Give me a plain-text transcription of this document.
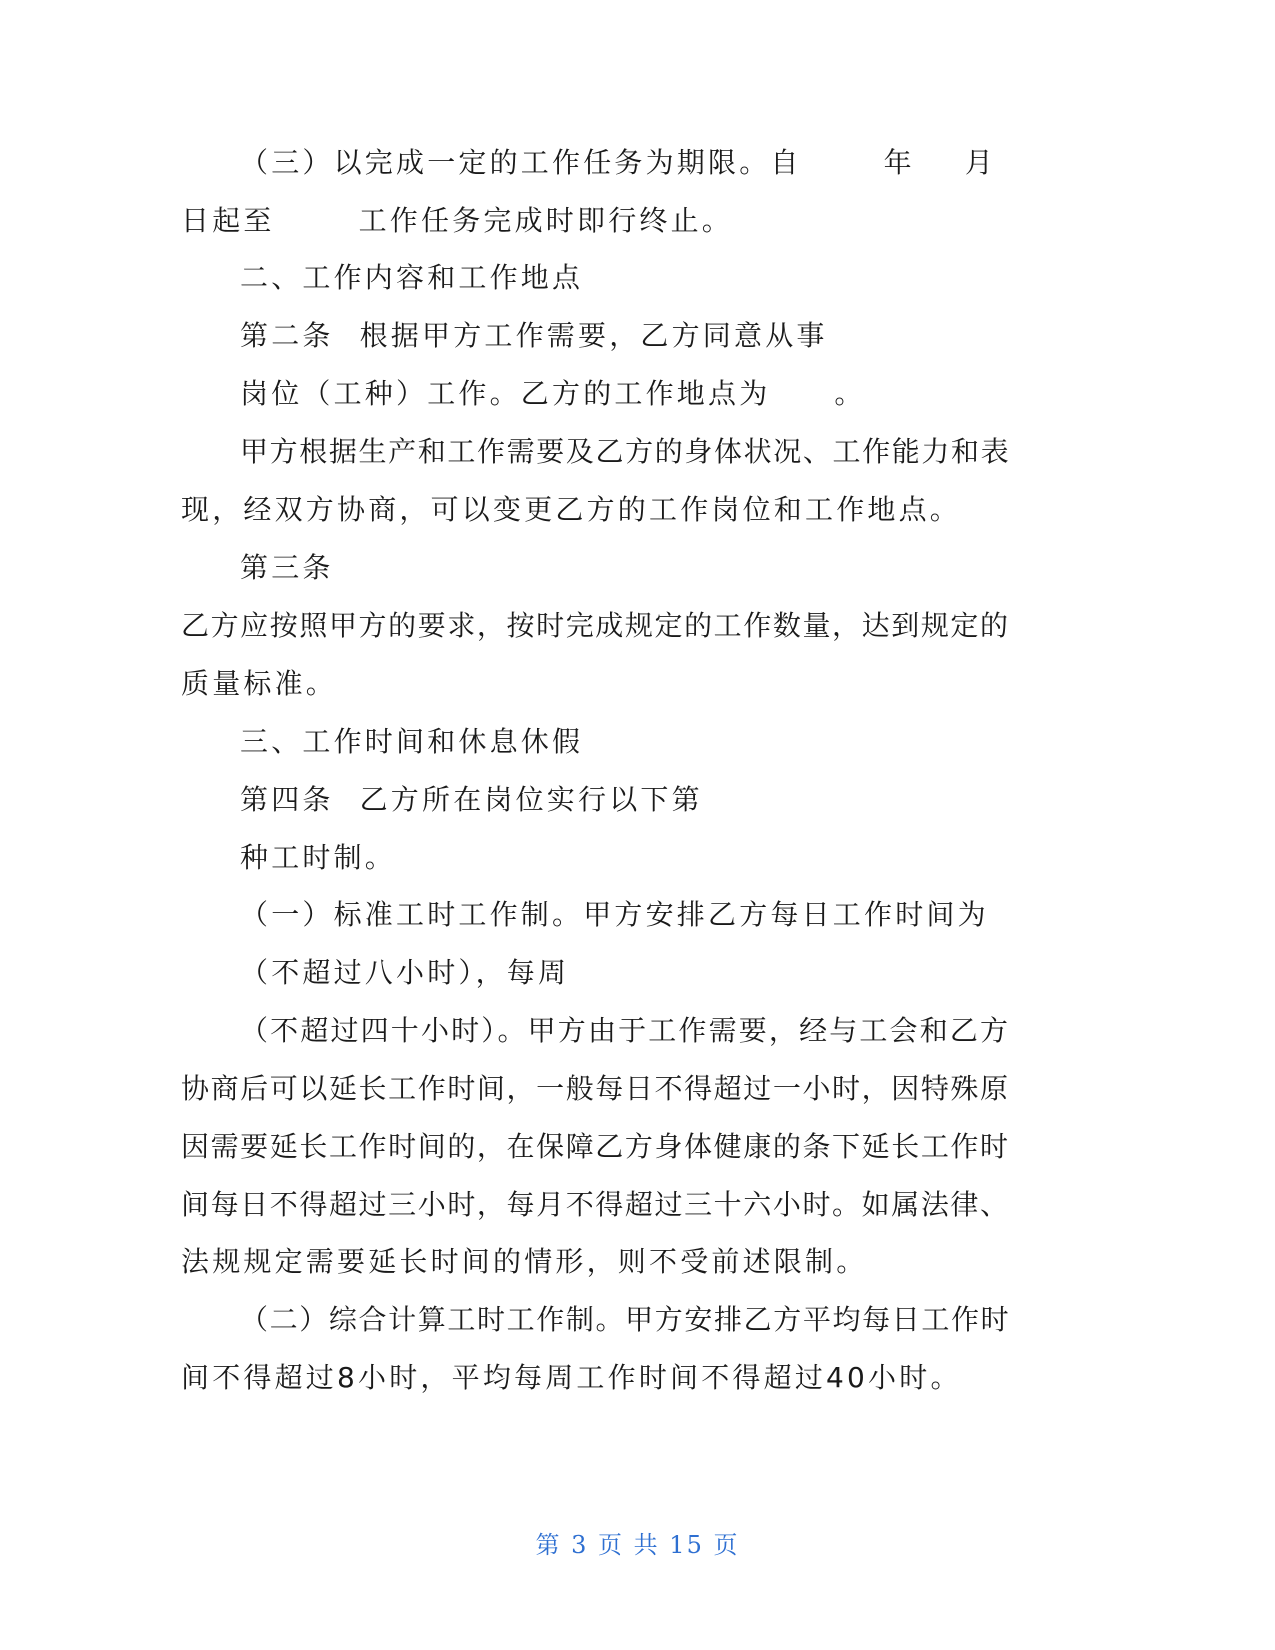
（三）以完成一定的工作任务为期限。自	年 月
日起至	工作任务完成时即行终止。
二、工作内容和工作地点
第二条 根据甲方工作需要，乙方同意从事
岗位（工种）工作。乙方的工作地点为 。
甲方根据生产和工作需要及乙方的身体状况、工作能力和表
现，经双方协商，可以变更乙方的工作岗位和工作地点。
第三条
乙方应按照甲方的要求，按时完成规定的工作数量，达到规定的
质量标准。
三、工作时间和休息休假
第四条 乙方所在岗位实行以下第
种工时制。
（一）标准工时工作制。甲方安排乙方每日工作时间为
（不超过八小时），每周
（不超过四十小时）。甲方由于工作需要，经与工会和乙方
协商后可以延长工作时间，一般每日不得超过一小时，因特殊原
因需要延长工作时间的，在保障乙方身体健康的条下延长工作时
间每日不得超过三小时，每月不得超过三十六小时。如属法律、
法规规定需要延长时间的情形，则不受前述限制。
（二）综合计算工时工作制。甲方安排乙方平均每日工作时
间不得超过8小时，平均每周工作时间不得超过40小时。
第 3 页 共 15 页
